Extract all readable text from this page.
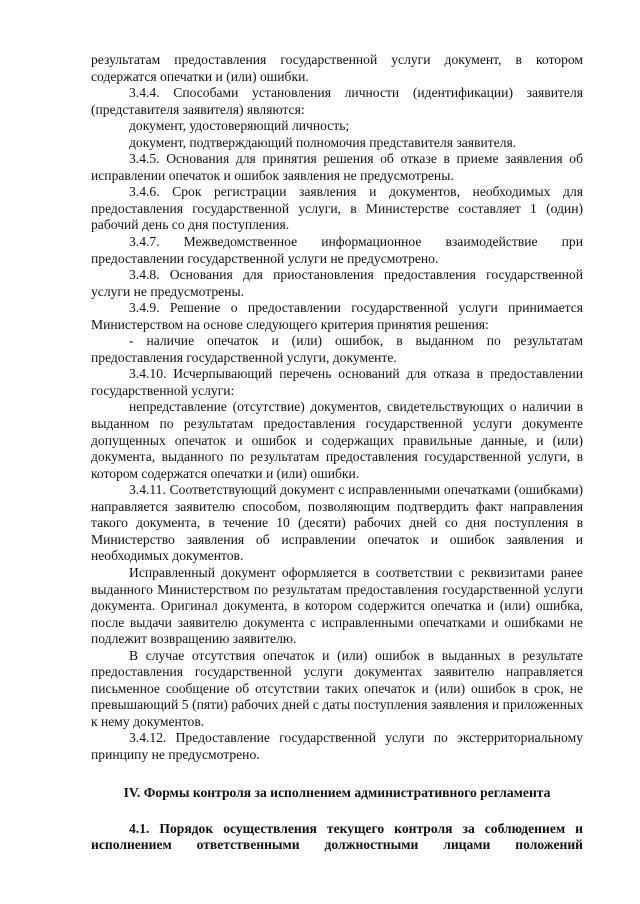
результатам предоставления государственной услуги документ, в котором содержатся опечатки и (или) ошибки.

3.4.4. Способами установления личности (идентификации) заявителя (представителя заявителя) являются:

документ, удостоверяющий личность;

документ, подтверждающий полномочия представителя заявителя.

3.4.5. Основания для принятия решения об отказе в приеме заявления об исправлении опечаток и ошибок заявления не предусмотрены.

3.4.6. Срок регистрации заявления и документов, необходимых для предоставления государственной услуги, в Министерстве составляет 1 (один) рабочий день со дня поступления.

3.4.7. Межведомственное информационное взаимодействие при предоставлении государственной услуги не предусмотрено.

3.4.8. Основания для приостановления предоставления государственной услуги не предусмотрены.

3.4.9. Решение о предоставлении государственной услуги принимается Министерством на основе следующего критерия принятия решения:

- наличие опечаток и (или) ошибок, в выданном по результатам предоставления государственной услуги, документе.

3.4.10. Исчерпывающий перечень оснований для отказа в предоставлении государственной услуги:

непредставление (отсутствие) документов, свидетельствующих о наличии в выданном по результатам предоставления государственной услуги документе допущенных опечаток и ошибок и содержащих правильные данные, и (или) документа, выданного по результатам предоставления государственной услуги, в котором содержатся опечатки и (или) ошибки.

3.4.11. Соответствующий документ с исправленными опечатками (ошибками) направляется заявителю способом, позволяющим подтвердить факт направления такого документа, в течение 10 (десяти) рабочих дней со дня поступления в Министерство заявления об исправлении опечаток и ошибок заявления и необходимых документов.

Исправленный документ оформляется в соответствии с реквизитами ранее выданного Министерством по результатам предоставления государственной услуги документа. Оригинал документа, в котором содержится опечатка и (или) ошибка, после выдачи заявителю документа с исправленными опечатками и ошибками не подлежит возвращению заявителю.

В случае отсутствия опечаток и (или) ошибок в выданных в результате предоставления государственной услуги документах заявителю направляется письменное сообщение об отсутствии таких опечаток и (или) ошибок в срок, не превышающий 5 (пяти) рабочих дней с даты поступления заявления и приложенных к нему документов.

3.4.12. Предоставление государственной услуги по экстерриториальному принципу не предусмотрено.

IV. Формы контроля за исполнением административного регламента

4.1. Порядок осуществления текущего контроля за соблюдением и исполнением ответственными должностными лицами положений
